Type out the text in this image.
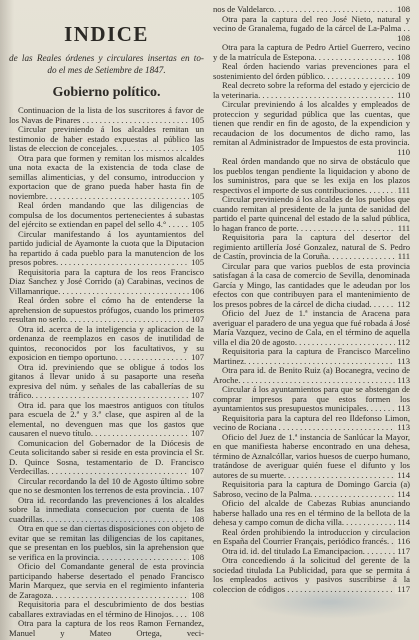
INDICE

de las Reales órdenes y circulares insertas en to-

do el mes de Setiembre de 1847.

Gobierno político.

Continuacion de la lista de los suscritores á favor de los Navas de Pinares	105

Circular previniendo á los alcaldes remitan un testimonio de haber estado expuestas al público las listas de eleccion de concejales.	105

Otra para que formen y remitan los mismos alcaldes una nota exacta de la existencia de toda clase de semillas alimenticias, y del consumo, introduccion y exportacion que de grano pueda haber hasta fin de noviembre.	105

Real órden mandando que las diligencias de compulsa de los documentos pertenecientes á subastas del ejército se extiendan en papel del sello 4.°	105

Circular manifestando á los ayuntamientos del partido judicial de Ayamonte la cuota que la Diputacion ha repartido á cada pueblo para la manutencion de los presos pobres.	105

Requisitoria para la captura de los reos Francisco Diaz Sanchez y José Corrido (a) Carabinas, vecinos de Villamanrique.	106

Real órden sobre el cómo ha de entenderse la aprehension de supuestos prófugos, cuando los primeros resultan no serlo.	107

Otra id. acerca de la inteligencia y aplicacion de la ordenanza de reemplazos en casos de inutilidad de quintos, reconocidos por los facultativos, y su exposicion en tiempo oportuno.	107

Otra id. previniendo que se obligue á todos los gitanos á llevar unido á su pasaporte una reseña expresiva del núm. y señales de las caballerías de su tráfico.	107

Otra id. para que los maestros antiguos con títulos para escuela de 2.ª y 3.ª clase, que aspiren al de la elemental, no devenguen mas que los gastos que causaren el nuevo título.	107

Comunicacion del Gobernador de la Diócesis de Ceuta solicitando saber si reside en esta provincia el Sr. D. Quince Sosna, testamentario de D. Francisco Verdecillas.	107

Circular recordando la del 10 de Agosto último sobre que no se desmonten los terrenos de esta provincia. 107

Otra id. recordando las prevenciones á los alcaldes sobre la inmediata consecucion por cuenta de las cuadrillas.	108

Otra en que se dan ciertas disposiciones con objeto de evitar que se remitan las diligencias de los capitanes, que se presentan en los pueblos, sin la aprehension que se verifica en la provincia.	108

Oficio del Comandante general de esta provincia participando haberse desertado el penado Francisco Marin Marquez, que servia en el regimiento infanteria de Zaragoza.	108

Requisitoria para el descubrimiento de dos bestias caballares extraviadas en el término de Hinojos. 108

Otra para la captura de los reos Ramon Fernandez, Manuel y Mateo Ortega, veci-

nos de Valdelarco.	108

Otra para la captura del reo José Nieto, natural y vecino de Granalema, fugado de la cárcel de La-Palma
108

Otra para la captura de Pedro Artiel Guerrero, vecino y de la matrícula de Estepona.	108

Real órden haciendo varias prevenciones para el sostenimiento del órden público.	109

Real decreto sobre la reforma del estado y ejercicio de la veterinaria.	110

Circular previniendo á los alcaldes y empleados de proteccion y seguridad pública que las cuentas, que tienen que rendir en fin de agosto, de la expendicion y recaudacion de los documentos de dicho ramo, las remitan al Administrador de Impuestos de esta provincia.
110

Real órden mandando que no sirva de obstáculo que los pueblos tengan pendiente la liquidacion y abono de los suministros, para que se les exija en los plazos respectivos el importe de sus contribuciones.	111

Circular previniendo á los alcaldes de los pueblos que cuando remitan al presidente de la junta de sanidad del partido el parte quincenal del estado de la salud pública, lo hagan franco de porte.	111

Requisitoria para la captura del desertor del regimiento artillería José Gonzalez, natural de S. Pedro de Castín, provincia de la Coruña.	111

Circular para que varios pueblos de esta provincia satisfagan á la casa de comercio de Sevilla, denominada García y Mingo, las cantidades que le adeudan por los efectos con que contribuyen para el mantenimiento de los presos pobres de la cárcel de dicha ciudad.	112

Oficio del Juez de 1.ª instancia de Aracena para averiguar el paradero de una yegua que fué robada á José María Vazquez, vecino de Cala, en el término de aquella villa el dia 20 de agosto.	112

Requisitoria para la captura de Francisco Marcelino Martinez.	113

Otra para id. de Benito Ruiz (a) Bocanegra, vecino de Aroche.	113

Circular á los ayuntamientos para que se abstengan de comprar impresos para que estos formen los ayuntamientos sus presupuestos municipales.	113

Requisitoria para la captura del reo Ildefonso Limon, vecino de Rociana	113

Oficio del Juez de 1.ª instancia de Sanlúcar la Mayor, en que manifiesta haberse encontrado en una dehesa, término de Aznalcóllar, varios huesos de cuerpo humano, tratándose de averiguar quién fuese el difunto y los autores de su muerte.	114

Requisitoria para la captura de Domingo Garcia (a) Sabroso, vecino de la Palma.	114

Oficio del alcalde de Cabezas Rubias anunciando haberse hallado una res en el término de la bellota de la dehesa y campo comun de dicha villa.	114

Real órden prohibiendo la introduccion y circulacion en España del Courrier Français, periódico francés. 116

Otra id. id. del titulado La Emancipacion.	117

Otra concediendo á la solicitud del gerente de la sociedad titulada La Publicidad, para que se permita á los empleados activos y pasivos suscribirse á la coleccion de códigos	117
